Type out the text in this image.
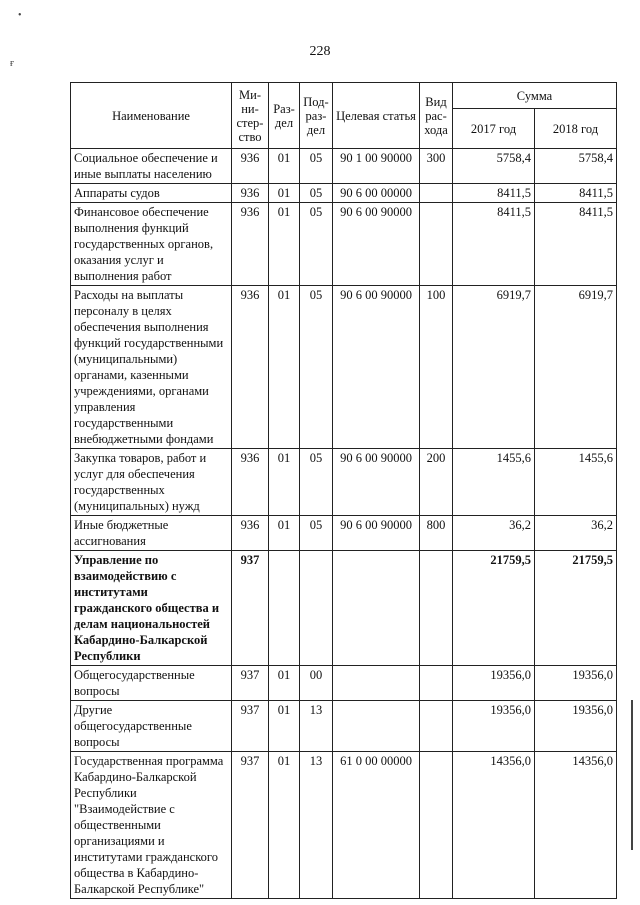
•
ғ
228
Наименование	Ми-ни-стер-ство	Раз-дел	Под-раз-дел	Целевая статья	Вид рас-хода	Сумма	
						2017 год	2018 год
Социальное обеспечение и иные выплаты населению	936	01	05	90 1 00 90000	300	5758,4	5758,4
Аппараты судов	936	01	05	90 6 00 00000		8411,5	8411,5
Финансовое обеспечение выполнения функций государственных органов, оказания услуг и выполнения работ	936	01	05	90 6 00 90000		8411,5	8411,5
Расходы на выплаты персоналу в целях обеспечения выполнения функций государственными (муниципальными) органами, казенными учреждениями, органами управления государственными внебюджетными фондами	936	01	05	90 6 00 90000	100	6919,7	6919,7
Закупка товаров, работ и услуг для обеспечения государственных (муниципальных) нужд	936	01	05	90 6 00 90000	200	1455,6	1455,6
Иные бюджетные ассигнования	936	01	05	90 6 00 90000	800	36,2	36,2
Управление по взаимодействию с институтами гражданского общества и делам национальностей Кабардино-Балкарской Республики	937					21759,5	21759,5
Общегосударственные вопросы	937	01	00			19356,0	19356,0
Другие общегосударственные вопросы	937	01	13			19356,0	19356,0
Государственная программа Кабардино-Балкарской Республики "Взаимодействие с общественными организациями и институтами гражданского общества в Кабардино-Балкарской Республике"	937	01	13	61 0 00 00000		14356,0	14356,0
